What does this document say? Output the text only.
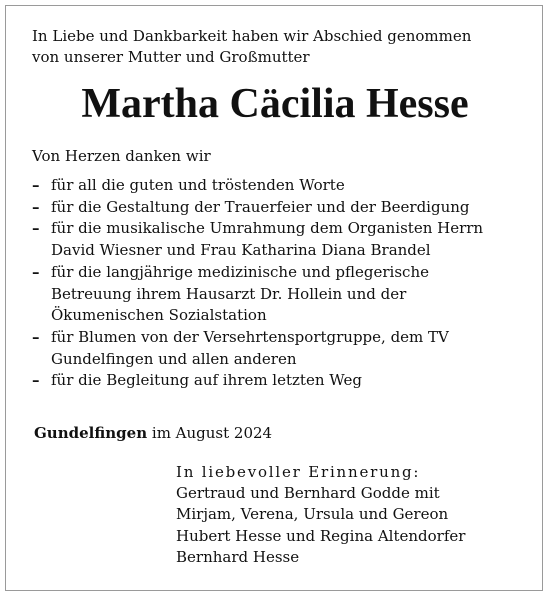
In Liebe und Dankbarkeit haben wir Abschied genommen
von unserer Mutter und Großmutter
Martha Cäcilia Hesse
Von Herzen danken wir
– für all die guten und tröstenden Worte
– für die Gestaltung der Trauerfeier und der Beerdigung
– für die musikalische Umrahmung dem Organisten Herrn
David Wiesner und Frau Katharina Diana Brandel
– für die langjährige medizinische und pflegerische
Betreuung ihrem Hausarzt Dr. Hollein und der
Ökumenischen Sozialstation
– für Blumen von der Versehrtensportgruppe, dem TV
Gundelfingen und allen anderen
– für die Begleitung auf ihrem letzten Weg
Gundelfingen im August 2024
In liebevoller Erinnerung:
Gertraud und Bernhard Godde mit
Mirjam, Verena, Ursula und Gereon
Hubert Hesse und Regina Altendorfer
Bernhard Hesse
